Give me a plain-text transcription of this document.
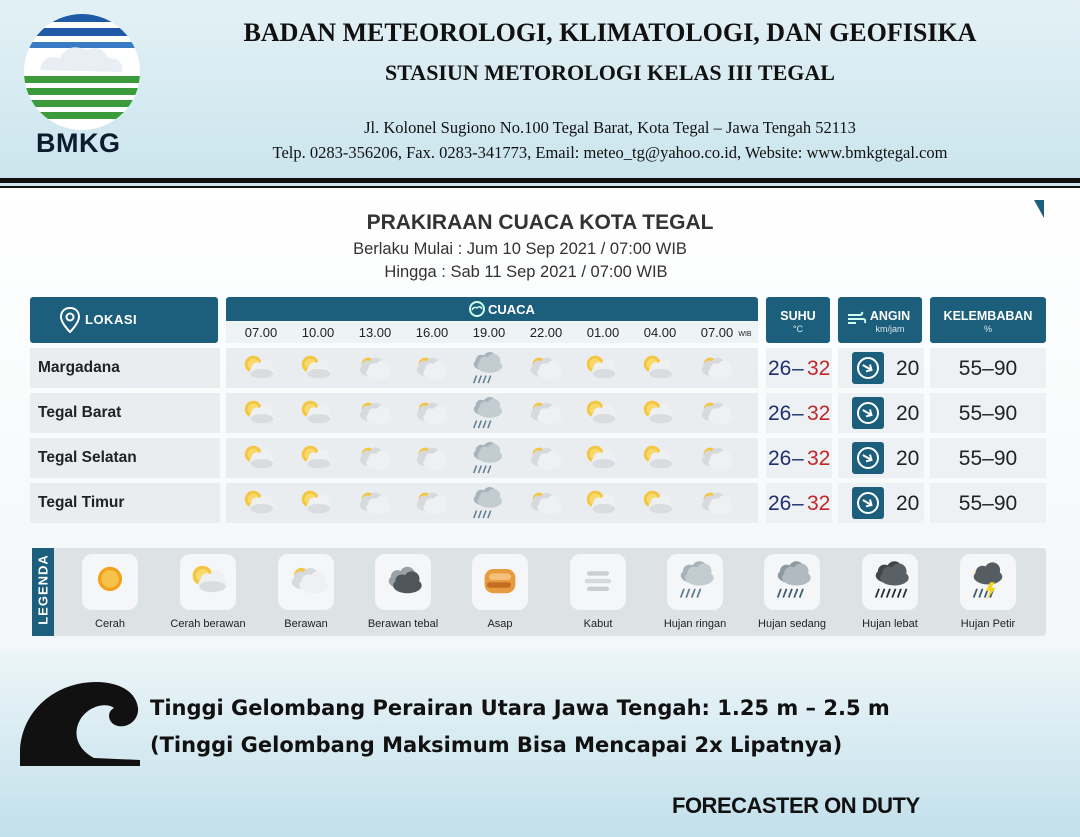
BMKG
BADAN METEOROLOGI, KLIMATOLOGI, DAN GEOFISIKA
STASIUN METOROLOGI KELAS III TEGAL
Jl. Kolonel Sugiono No.100 Tegal Barat, Kota Tegal – Jawa Tengah 52113
Telp. 0283-356206, Fax. 0283-341773, Email: meteo_tg@yahoo.co.id, Website: www.bmkgtegal.com
PRAKIRAAN CUACA KOTA TEGAL
Berlaku Mulai : Jum 10 Sep 2021 / 07:00 WIB
Hingga : Sab 11 Sep 2021 / 07:00 WIB
LOKASI
CUACA
07.00	10.00	13.00	16.00	19.00	22.00	01.00	04.00	07.00 WIB
SUHU
°C
ANGIN
km/jam
KELEMBABAN
%
Margadana	26 – 32	20	55–90
Tegal Barat	26 – 32	20	55–90
Tegal Selatan	26 – 32	20	55–90
Tegal Timur	26 – 32	20	55–90
LEGENDA	Cerah	Cerah berawan	Berawan	Berawan tebal	Asap	Kabut	Hujan ringan	Hujan sedang	Hujan lebat	Hujan Petir
Tinggi Gelombang Perairan Utara Jawa Tengah: 1.25 m – 2.5 m
(Tinggi Gelombang Maksimum Bisa Mencapai 2x Lipatnya)
FORECASTER ON DUTY
